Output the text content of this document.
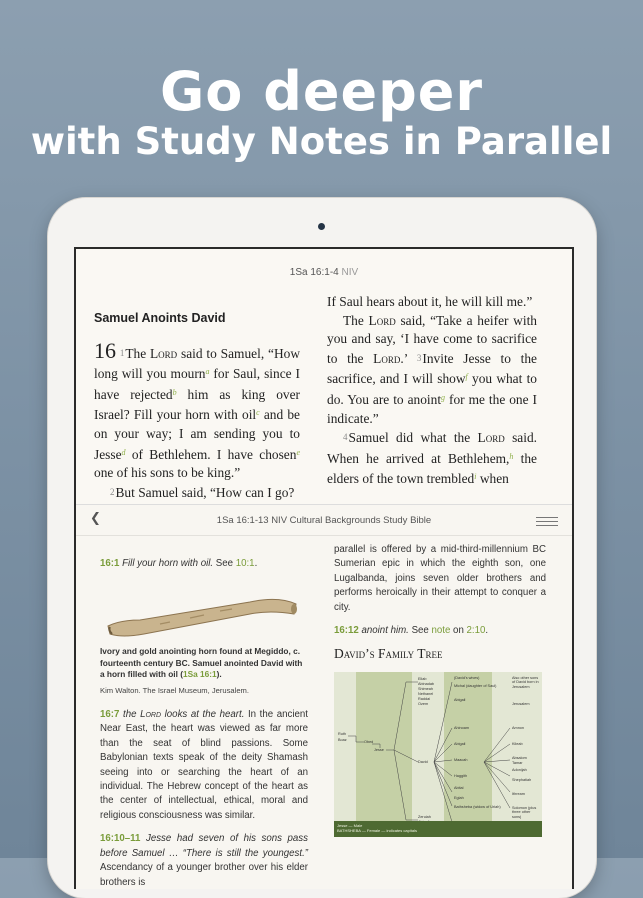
Go deeper
with Study Notes in Parallel
1Sa 16:1-4 NIV
Samuel Anoints David

16 1The Lord said to Samuel, “How long will you mourn$^a$ for Saul, since I have rejected$^b$ him as king over Israel? Fill your horn with oil$^c$ and be on your way; I am sending you to Jesse$^d$ of Bethlehem. I have chosen$^e$ one of his sons to be king.”

2But Samuel said, “How can I go?

If Saul hears about it, he will kill me.”

The Lord said, “Take a heifer with you and say, ‘I have come to sacrifice to the Lord.’ 3Invite Jesse to the sacrifice, and I will show$^f$ you what to do. You are to anoint$^g$ for me the one I indicate.”

4Samuel did what the Lord said. When he arrived at Bethlehem,$^h$ the elders of the town trembled$^i$ when

❮	1Sa 16:1-13 NIV Cultural Backgrounds Study Bible

16:1 Fill your horn with oil. See 10:1.

Ivory and gold anointing horn found at Megiddo, c. fourteenth century BC. Samuel anointed David with a horn filled with oil (1Sa 16:1).

Kim Walton. The Israel Museum, Jerusalem.

16:7 the Lord looks at the heart. In the ancient Near East, the heart was viewed as far more than the seat of blind passions. Some Babylonian texts speak of the deity Shamash seeing into or searching the heart of an individual. The Hebrew concept of the heart as the center of intellectual, ethical, moral and religious consciousness was similar.

16:10–11 Jesse had seven of his sons pass before Samuel … “There is still the youngest.” Ascendancy of a younger brother over his elder brothers is

parallel is offered by a mid-third-millennium BC Sumerian epic in which the eighth son, one Lugalbanda, joins seven older brothers and performs heroically in their attempt to conquer a city.

16:12 anoint him. See note on 2:10.

David’s Family Tree
Ruth
Boaz	Obed
Jesse
David
Eliab
Abinadab
Shimeah
Nethanel
Raddai
Ozem
Zeruiah
(David's wives)
Michal (daughter of Saul)
Ahinoam
Abigail
Maacah
Haggith
Abital
Eglah
Bathsheba (widow of Uriah)
Amnon
Kileab
Absalom
Tamar
Adonijah
Shephatiah
Ithream
Solomon (plus three other sons)
Jerusalem
Abigail
Also other sons of David born in Jerusalem
Jesse — Male
BATHSHEBA — Female — indicates capitals
